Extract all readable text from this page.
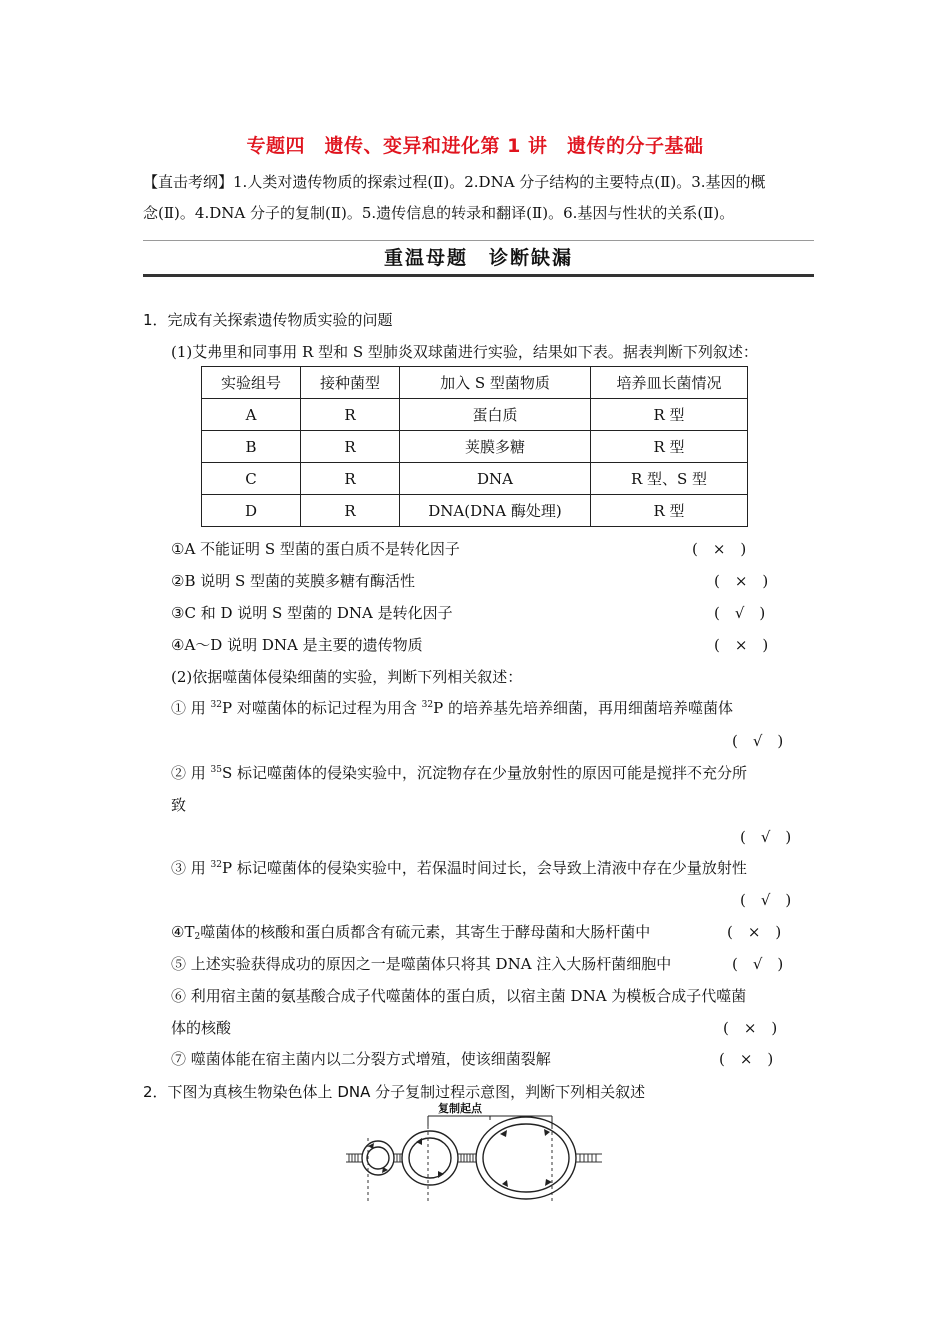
专题四　遗传、变异和进化第 1 讲　遗传的分子基础
【直击考纲】1.人类对遗传物质的探索过程(Ⅱ)。2.DNA 分子结构的主要特点(Ⅱ)。3.基因的概
念(Ⅱ)。4.DNA 分子的复制(Ⅱ)。5.遗传信息的转录和翻译(Ⅱ)。6.基因与性状的关系(Ⅱ)。
重温母题　诊断缺漏
1．完成有关探索遗传物质实验的问题
(1)艾弗里和同事用 R 型和 S 型肺炎双球菌进行实验，结果如下表。据表判断下列叙述：
实验组号	接种菌型	加入 S 型菌物质	培养皿长菌情况
A	R	蛋白质	R 型
B	R	荚膜多糖	R 型
C	R	DNA	R 型、S 型
D	R	DNA(DNA 酶处理)	R 型
①A 不能证明 S 型菌的蛋白质不是转化因子	(　×　)
②B 说明 S 型菌的荚膜多糖有酶活性	(　×　)
③C 和 D 说明 S 型菌的 DNA 是转化因子	(　√　)
④A～D 说明 DNA 是主要的遗传物质	(　×　)
(2)依据噬菌体侵染细菌的实验，判断下列相关叙述：
① 用 $^{32}$P 对噬菌体的标记过程为用含 $^{32}$P 的培养基先培养细菌，再用细菌培养噬菌体
(　√　)
② 用 $^{35}$S 标记噬菌体的侵染实验中，沉淀物存在少量放射性的原因可能是搅拌不充分所
致
(　√　)
③ 用 $^{32}$P 标记噬菌体的侵染实验中，若保温时间过长，会导致上清液中存在少量放射性
(　√　)
$④T_2$噬菌体的核酸和蛋白质都含有硫元素，其寄生于酵母菌和大肠杆菌中	(　×　)
⑤ 上述实验获得成功的原因之一是噬菌体只将其 DNA 注入大肠杆菌细胞中	(　√　)
⑥ 利用宿主菌的氨基酸合成子代噬菌体的蛋白质，以宿主菌 DNA 为模板合成子代噬菌
体的核酸	(　×　)
⑦ 噬菌体能在宿主菌内以二分裂方式增殖，使该细菌裂解	(　×　)
2．下图为真核生物染色体上 DNA 分子复制过程示意图，判断下列相关叙述
复制起点
